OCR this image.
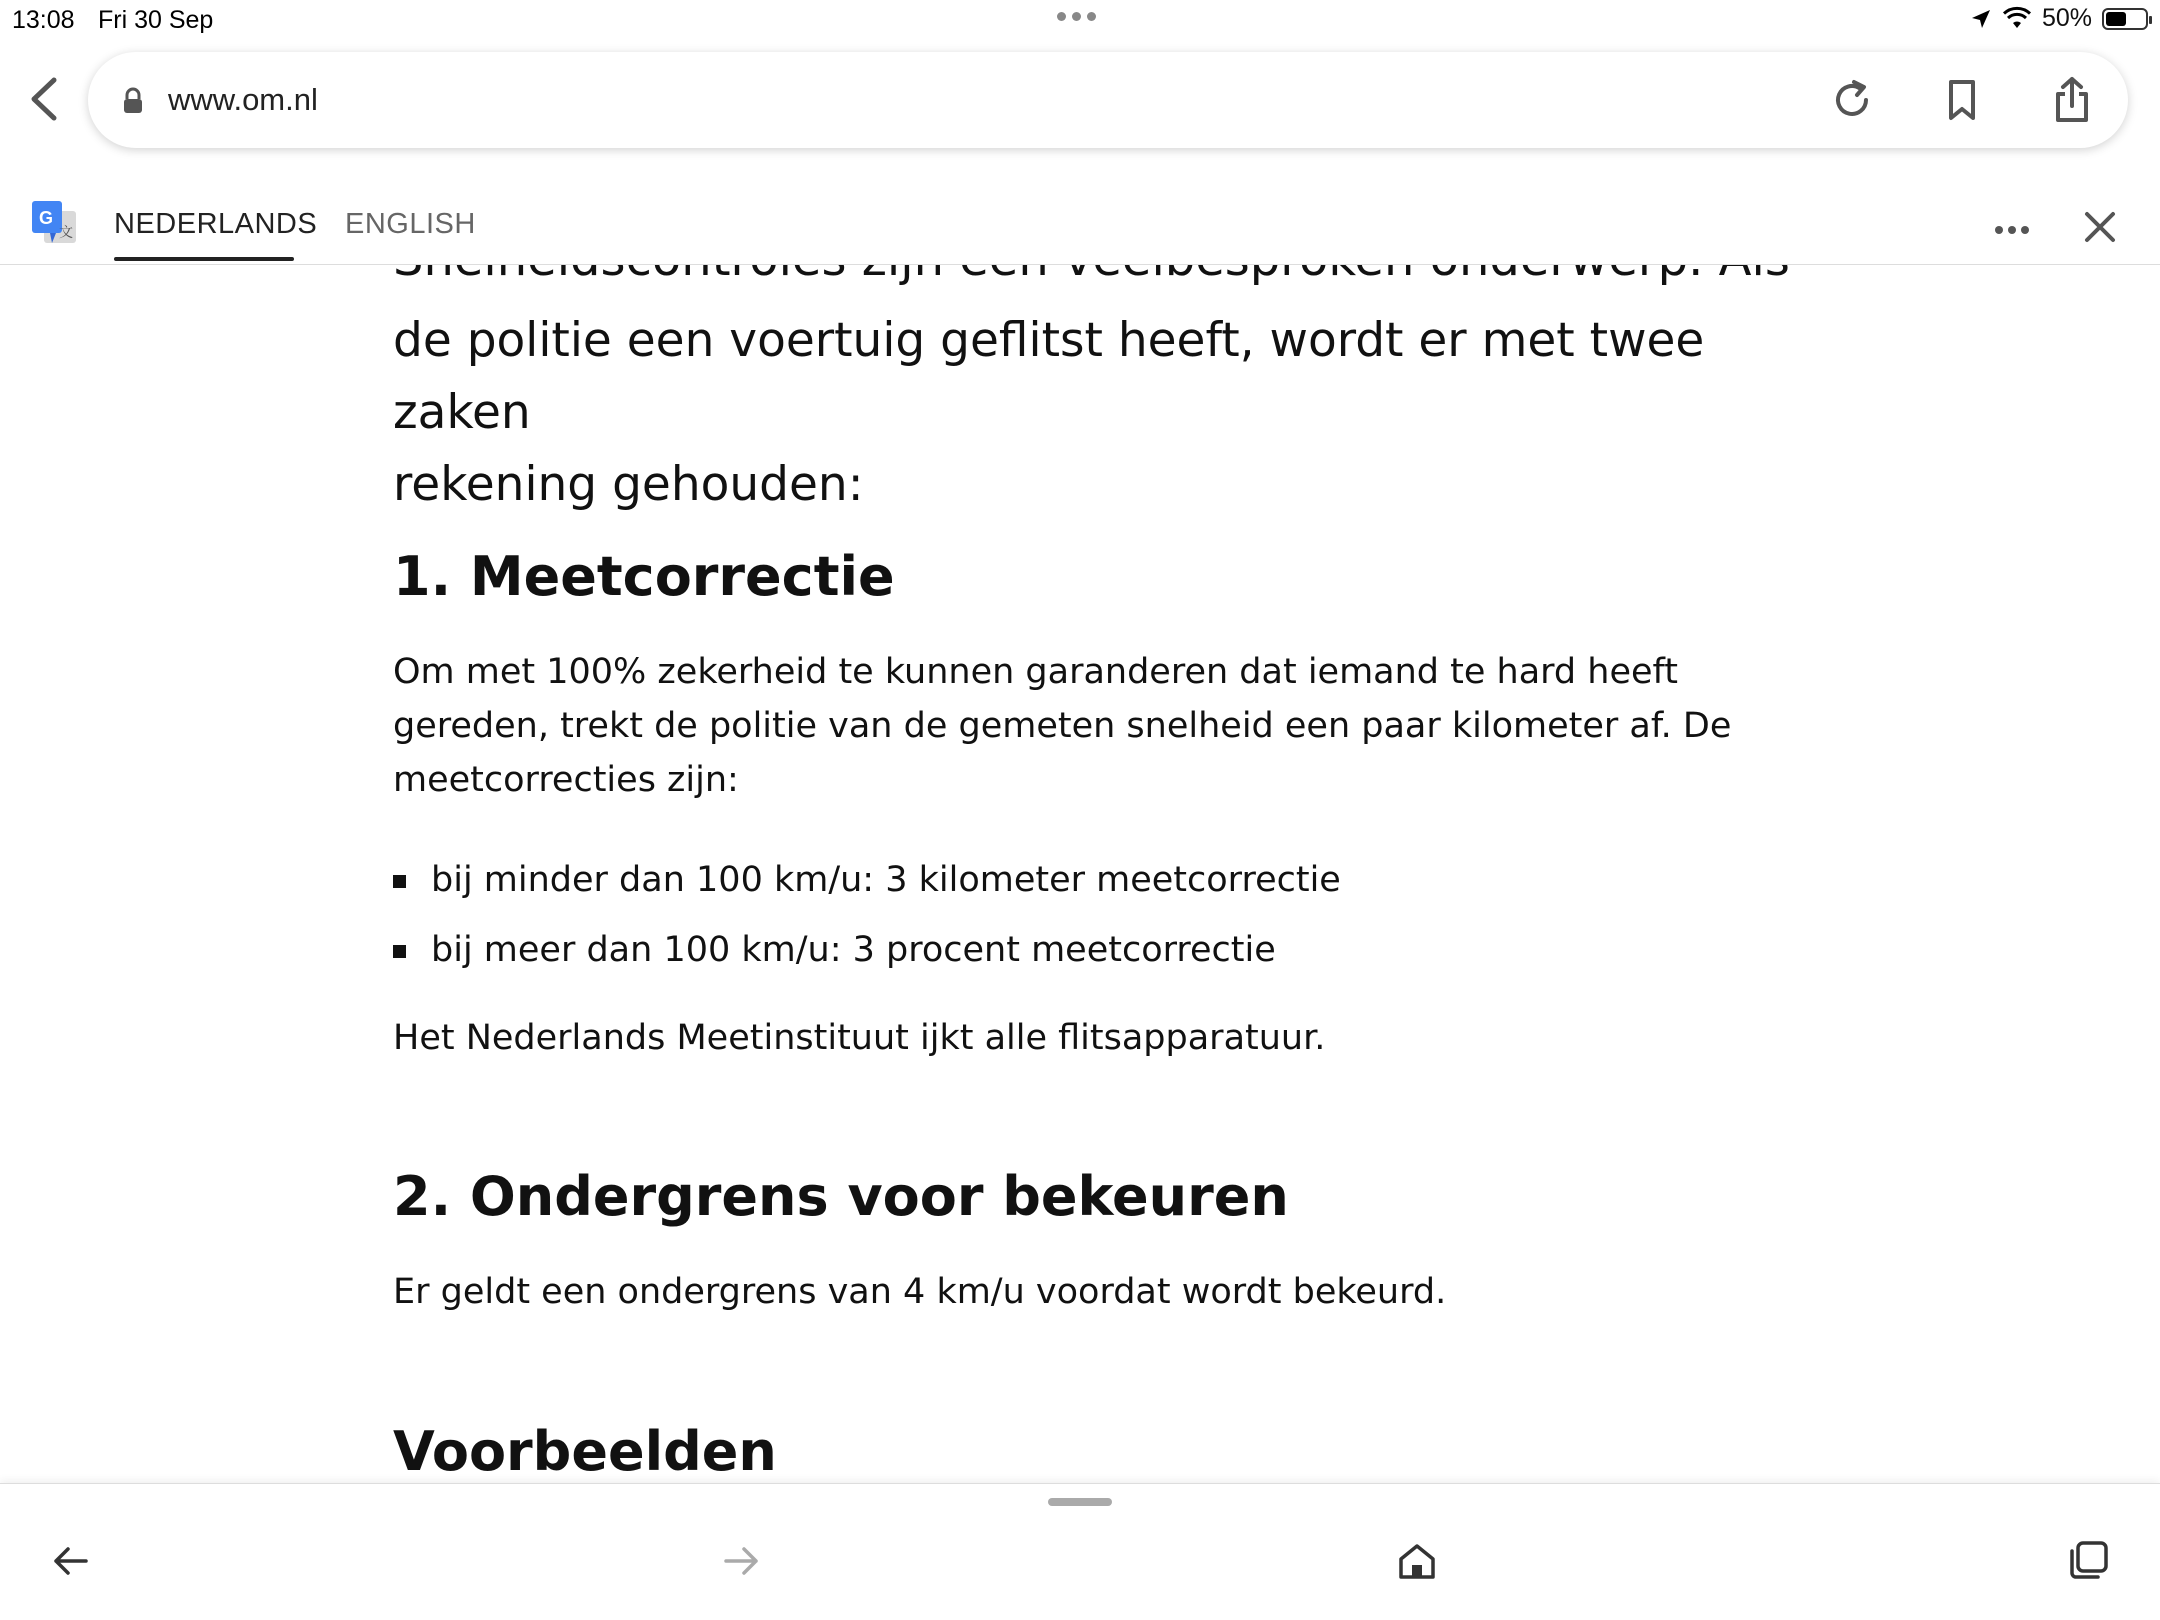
13:08 Fri 30 Sep	50%
www.om.nl
G
文 NEDERLANDS ENGLISH
de politie een voertuig geflitst heeft, wordt er met twee zaken
rekening gehouden:
1. Meetcorrectie
Om met 100% zekerheid te kunnen garanderen dat iemand te hard heeft gereden, trekt de politie van de gemeten snelheid een paar kilometer af. De meetcorrecties zijn:
bij minder dan 100 km/u: 3 kilometer meetcorrectie
bij meer dan 100 km/u: 3 procent meetcorrectie
Het Nederlands Meetinstituut ijkt alle flitsapparatuur.
2. Ondergrens voor bekeuren
Er geldt een ondergrens van 4 km/u voordat wordt bekeurd.
Voorbeelden
